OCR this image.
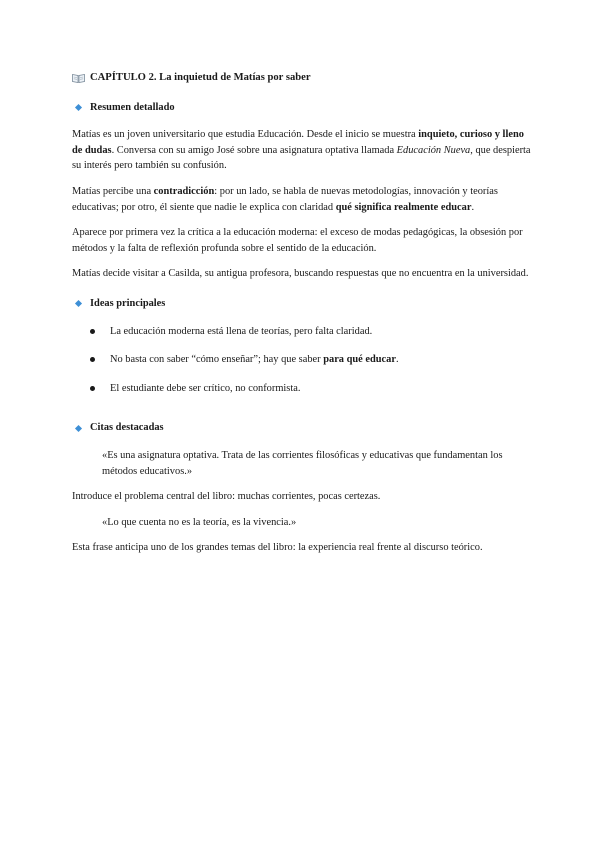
CAPÍTULO 2. La inquietud de Matías por saber
Resumen detallado

Matías es un joven universitario que estudia Educación. Desde el inicio se muestra inquieto, curioso y lleno de dudas. Conversa con su amigo José sobre una asignatura optativa llamada Educación Nueva, que despierta su interés pero también su confusión.

Matías percibe una contradicción: por un lado, se habla de nuevas metodologías, innovación y teorías educativas; por otro, él siente que nadie le explica con claridad qué significa realmente educar.

Aparece por primera vez la crítica a la educación moderna: el exceso de modas pedagógicas, la obsesión por métodos y la falta de reflexión profunda sobre el sentido de la educación.

Matías decide visitar a Casilda, su antigua profesora, buscando respuestas que no encuentra en la universidad.

Ideas principales
La educación moderna está llena de teorías, pero falta claridad.
No basta con saber “cómo enseñar”; hay que saber para qué educar.
El estudiante debe ser crítico, no conformista.
Citas destacadas

«Es una asignatura optativa. Trata de las corrientes filosóficas y educativas que fundamentan los métodos educativos.»

Introduce el problema central del libro: muchas corrientes, pocas certezas.

«Lo que cuenta no es la teoría, es la vivencia.»

Esta frase anticipa uno de los grandes temas del libro: la experiencia real frente al discurso teórico.
